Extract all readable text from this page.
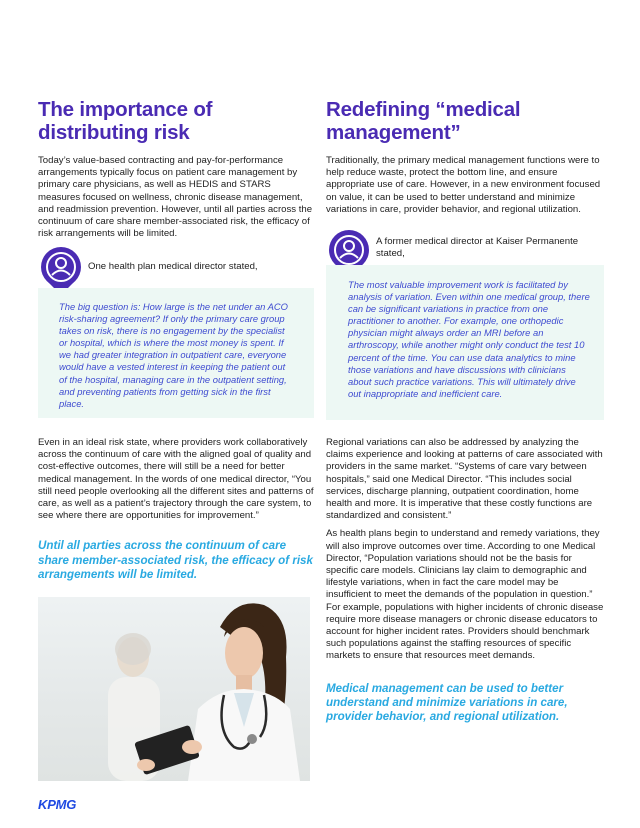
The importance of distributing risk

Today’s value-based contracting and pay-for-performance arrangements typically focus on patient care management by primary care physicians, as well as HEDIS and STARS measures focused on wellness, chronic disease management, and readmission prevention. However, until all parties across the continuum of care share member-associated risk, the efficacy of risk arrangements will be limited.

One health plan medical director stated,

The big question is: How large is the net under an ACO risk-sharing agreement? If only the primary care group takes on risk, there is no engagement by the specialist or hospital, which is where the most money is spent. If we had greater integration in outpatient care, everyone would have a vested interest in keeping the patient out of the hospital, managing care in the outpatient setting, and preventing patients from getting sick in the first place.

Even in an ideal risk state, where providers work collaboratively across the continuum of care with the aligned goal of quality and cost-effective outcomes, there will still be a need for better medical management. In the words of one medical director, “You still need people overlooking all the different sites and patterns of care, as well as a patient’s trajectory through the care system, to see where there are opportunities for improvement.”

Until all parties across the continuum of care share member-associated risk, the efficacy of risk arrangements will be limited.

Redefining “medical management”

Traditionally, the primary medical management functions were to help reduce waste, protect the bottom line, and ensure appropriate use of care. However, in a new environment focused on value, it can be used to better understand and minimize variations in care, provider behavior, and regional utilization.

A former medical director at Kaiser Permanente stated,

The most valuable improvement work is facilitated by analysis of variation. Even within one medical group, there can be significant variations in practice from one practitioner to another. For example, one orthopedic physician might always order an MRI before an arthroscopy, while another might only conduct the test 10 percent of the time. You can use data analytics to mine those variations and have discussions with clinicians about such practice variations. This will ultimately drive out inappropriate and inefficient care.

Regional variations can also be addressed by analyzing the claims experience and looking at patterns of care associated with providers in the same market. “Systems of care vary between hospitals,” said one Medical Director. “This includes social services, discharge planning, outpatient coordination, home health and more. It is imperative that these costly functions are standardized and consistent.”

As health plans begin to understand and remedy variations, they will also improve outcomes over time. According to one Medical Director, “Population variations should not be the basis for specific care models. Clinicians lay claim to demographic and lifestyle variations, when in fact the care model may be insufficient to meet the demands of the population in question.” For example, populations with higher incidents of chronic disease require more disease managers or chronic disease educators to account for higher incident rates. Providers should benchmark such populations against the staffing resources of specific markets to ensure that resources meet demands.

Medical management can be used to better understand and minimize variations in care, provider behavior, and regional utilization.

KPMG
